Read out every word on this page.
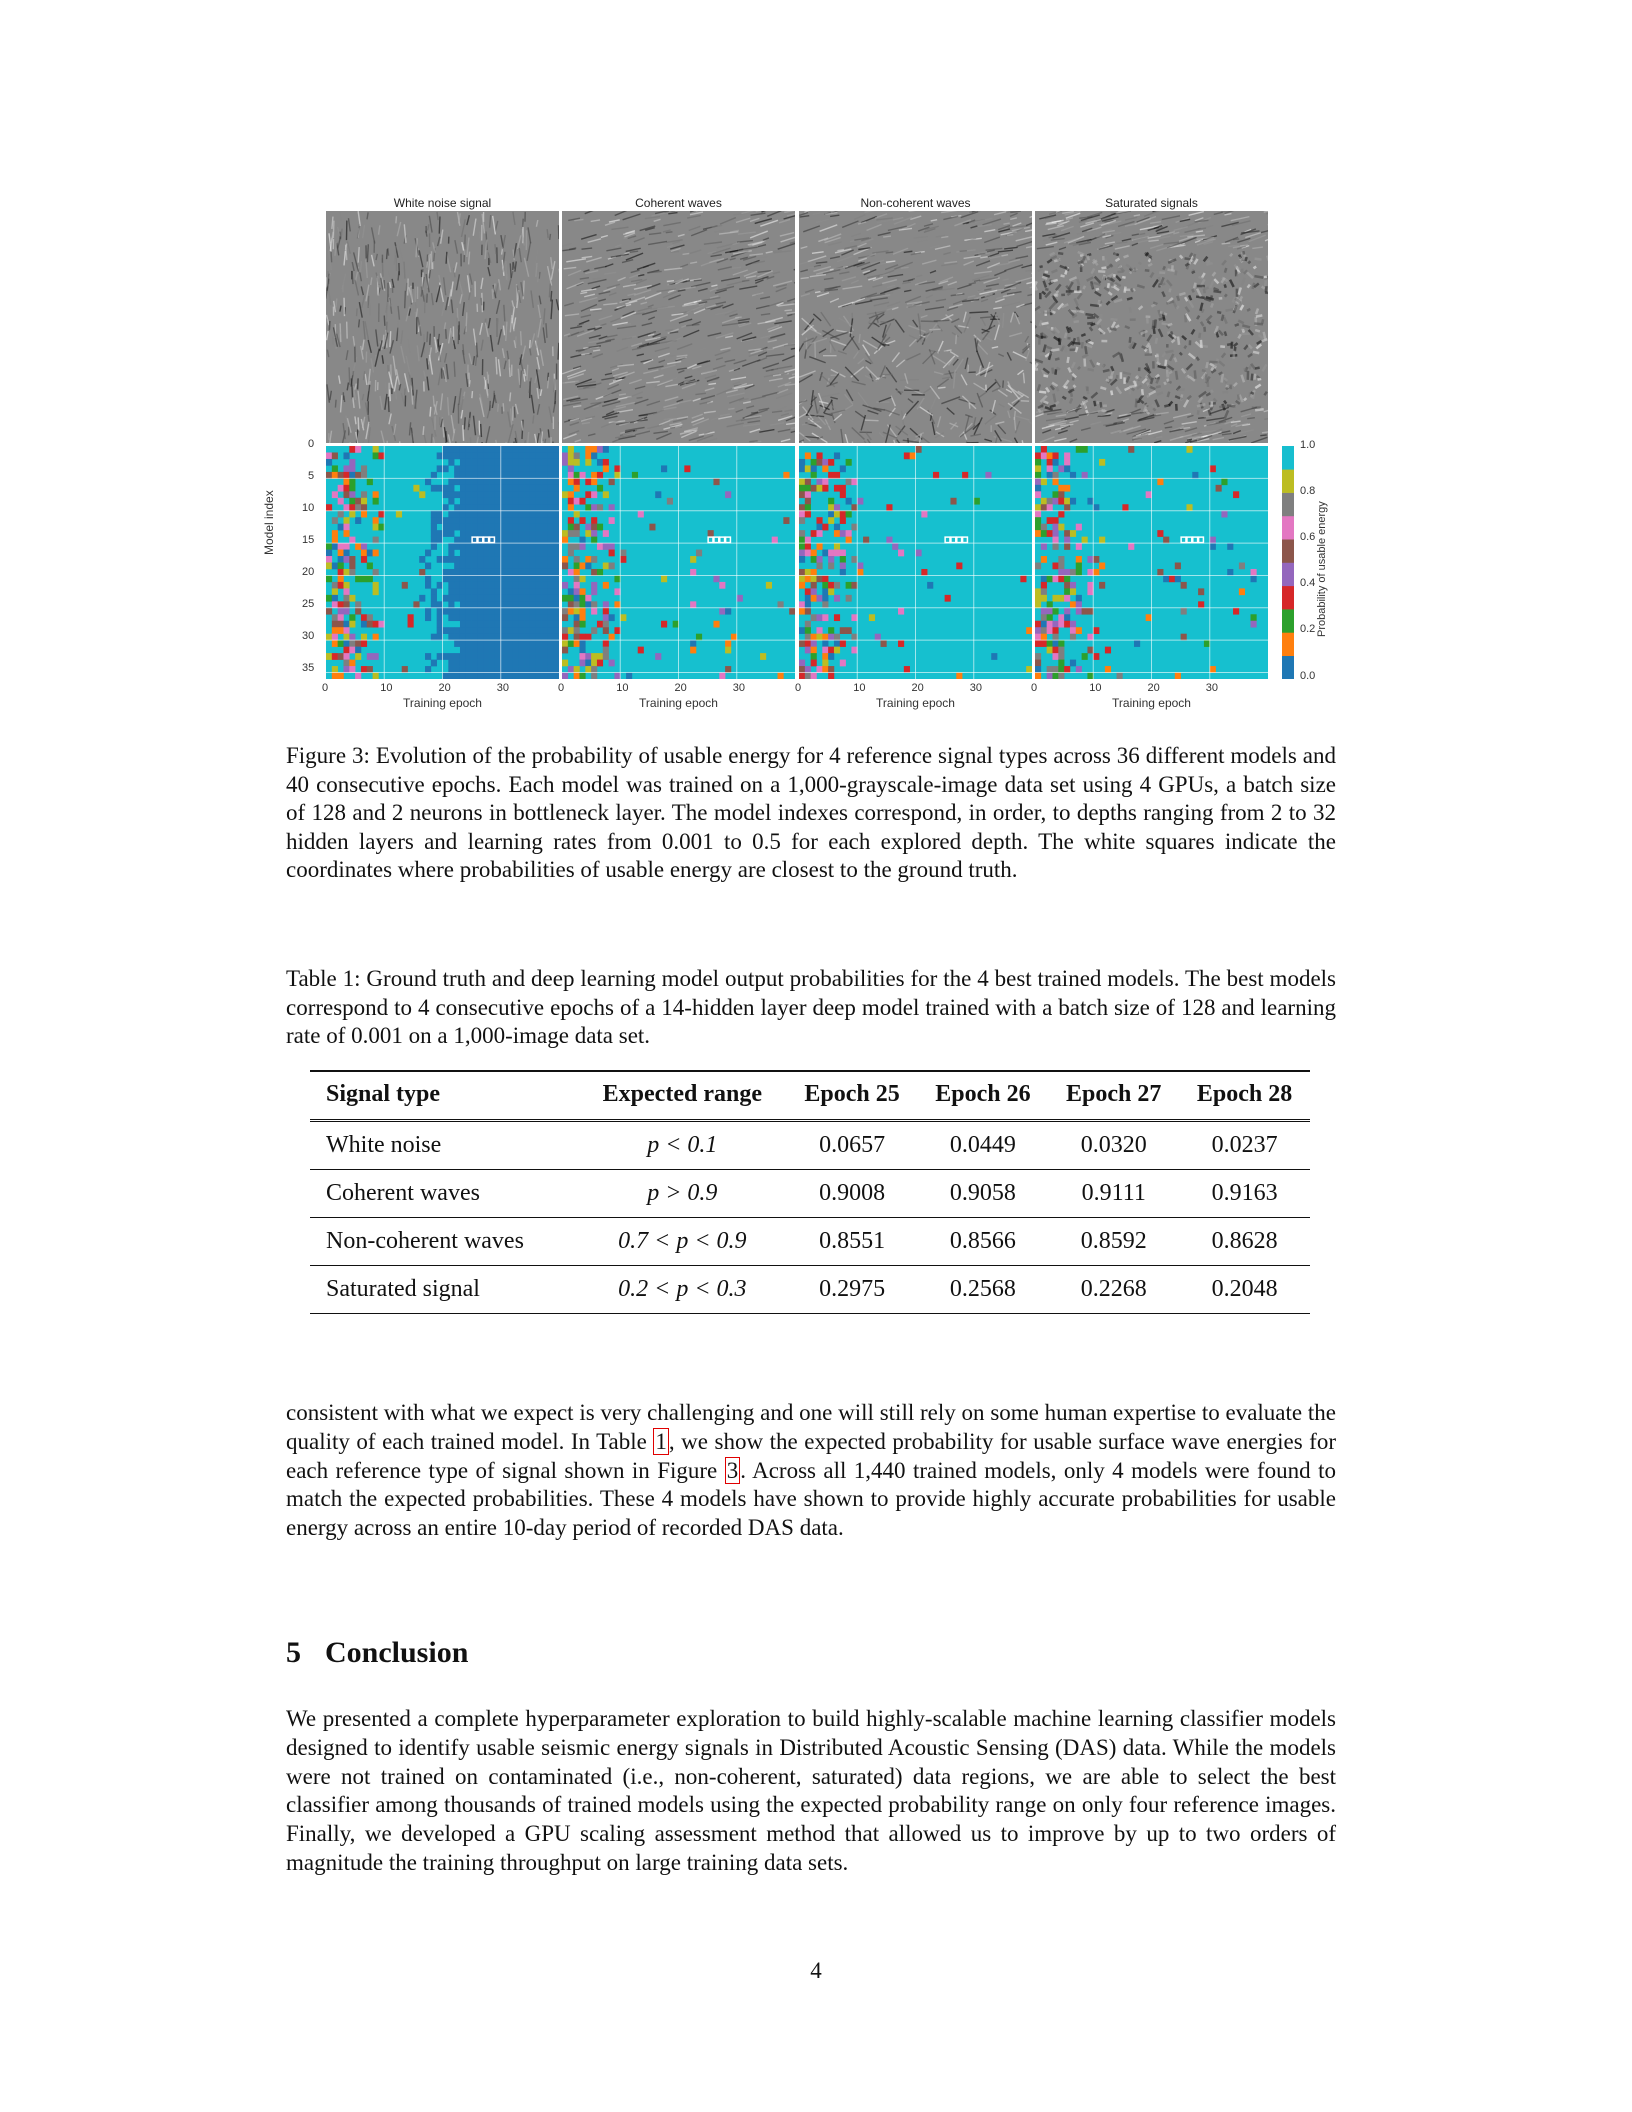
White noise signal	Coherent waves	Non-coherent waves	Saturated signals
Model index
0
5
10
15
20
25
30
35
0	10	20	30	0	10	20	30	0	10	20	30	0	10	20	30
Training epoch	Training epoch	Training epoch	Training epoch
1.0
0.8
0.6
0.4
0.2
0.0
Probability of usable energy
Figure 3: Evolution of the probability of usable energy for 4 reference signal types across 36 different models and 40 consecutive epochs. Each model was trained on a 1,000-grayscale-image data set using 4 GPUs, a batch size of 128 and 2 neurons in bottleneck layer. The model indexes correspond, in order, to depths ranging from 2 to 32 hidden layers and learning rates from 0.001 to 0.5 for each explored depth. The white squares indicate the coordinates where probabilities of usable energy are closest to the ground truth.
Table 1: Ground truth and deep learning model output probabilities for the 4 best trained models. The best models correspond to 4 consecutive epochs of a 14-hidden layer deep model trained with a batch size of 128 and learning rate of 0.001 on a 1,000-image data set.
Signal type	Expected range	Epoch 25	Epoch 26	Epoch 27	Epoch 28
White noise	p < 0.1	0.0657	0.0449	0.0320	0.0237
Coherent waves	p > 0.9	0.9008	0.9058	0.9111	0.9163
Non-coherent waves	0.7 < p < 0.9	0.8551	0.8566	0.8592	0.8628
Saturated signal	0.2 < p < 0.3	0.2975	0.2568	0.2268	0.2048
consistent with what we expect is very challenging and one will still rely on some human expertise to evaluate the quality of each trained model. In Table 1, we show the expected probability for usable surface wave energies for each reference type of signal shown in Figure 3. Across all 1,440 trained models, only 4 models were found to match the expected probabilities. These 4 models have shown to provide highly accurate probabilities for usable energy across an entire 10-day period of recorded DAS data.
5 Conclusion
We presented a complete hyperparameter exploration to build highly-scalable machine learning classifier models designed to identify usable seismic energy signals in Distributed Acoustic Sensing (DAS) data. While the models were not trained on contaminated (i.e., non-coherent, saturated) data regions, we are able to select the best classifier among thousands of trained models using the expected probability range on only four reference images. Finally, we developed a GPU scaling assessment method that allowed us to improve by up to two orders of magnitude the training throughput on large training data sets.
4
